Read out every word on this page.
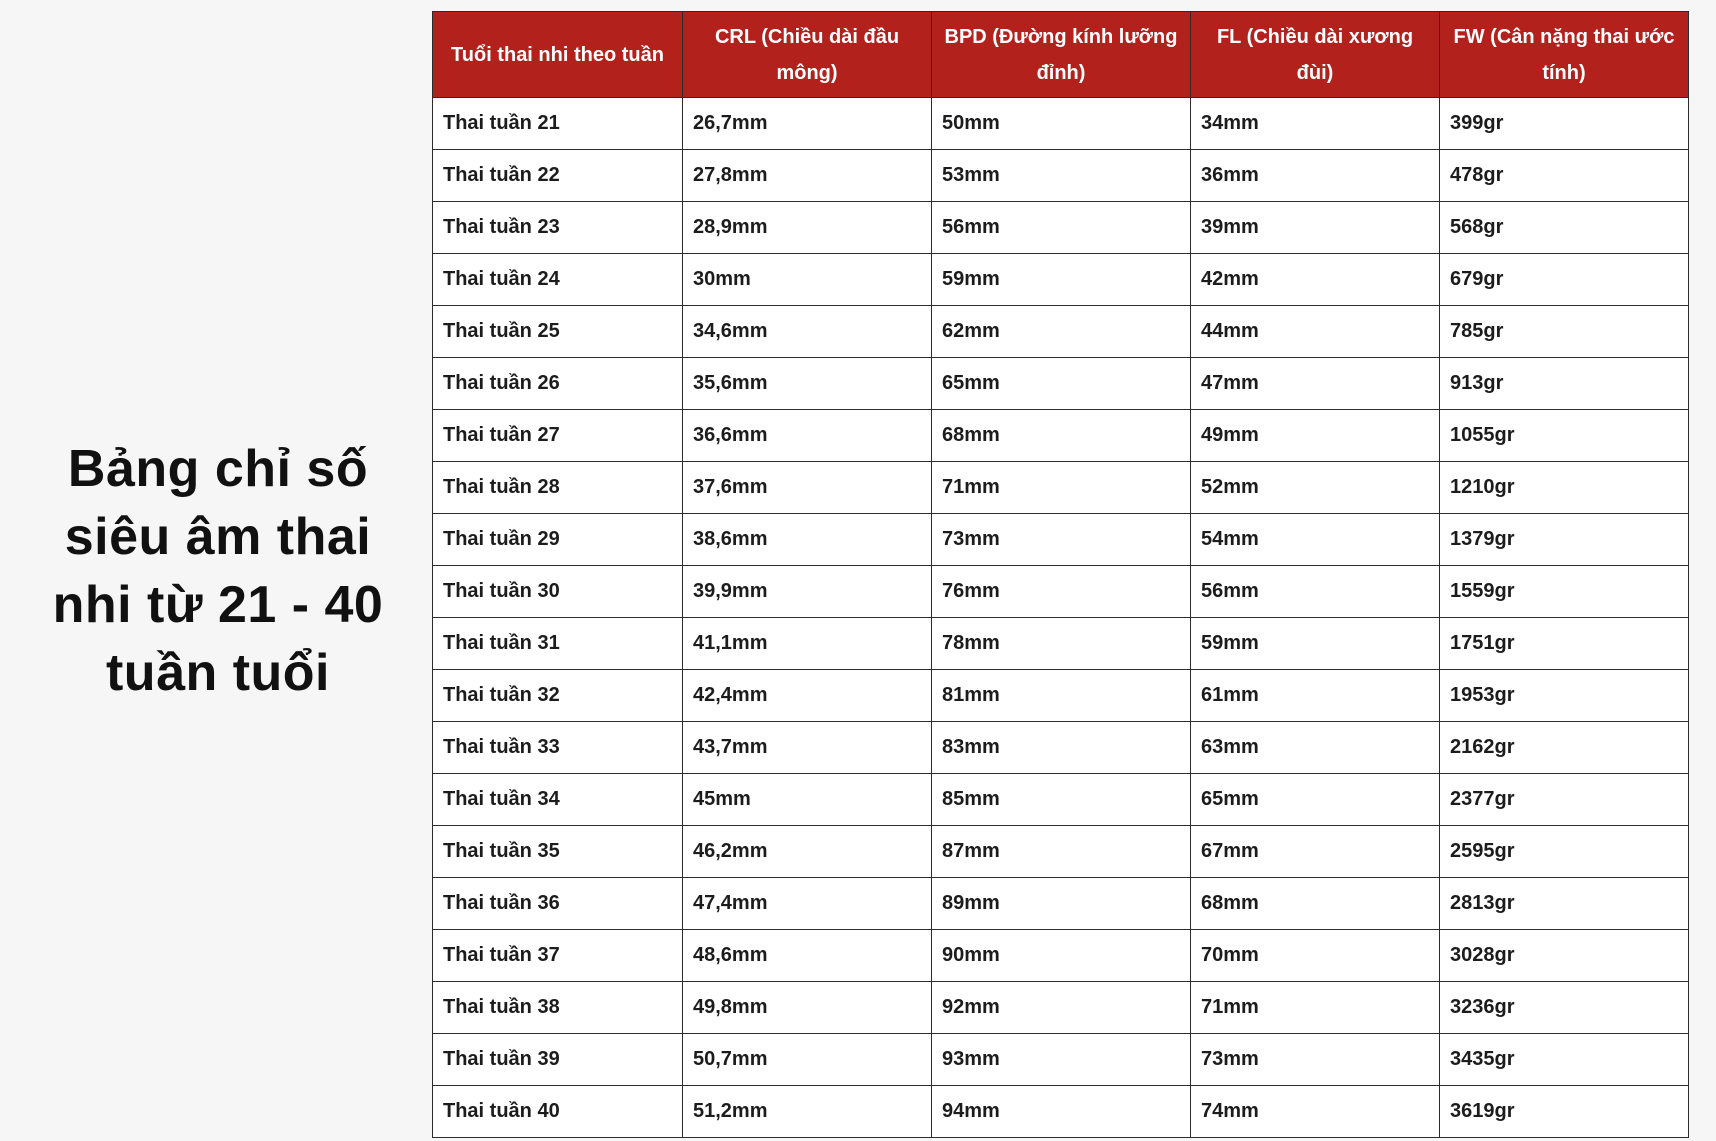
Bảng chỉ số
siêu âm thai
nhi từ 21 - 40
tuần tuổi
Tuổi thai nhi theo tuần	CRL (Chiều dài đầu mông)	BPD (Đường kính lưỡng đỉnh)	FL (Chiều dài xương đùi)	FW (Cân nặng thai ước tính)
Thai tuần 21	26,7mm	50mm	34mm	399gr
Thai tuần 22	27,8mm	53mm	36mm	478gr
Thai tuần 23	28,9mm	56mm	39mm	568gr
Thai tuần 24	30mm	59mm	42mm	679gr
Thai tuần 25	34,6mm	62mm	44mm	785gr
Thai tuần 26	35,6mm	65mm	47mm	913gr
Thai tuần 27	36,6mm	68mm	49mm	1055gr
Thai tuần 28	37,6mm	71mm	52mm	1210gr
Thai tuần 29	38,6mm	73mm	54mm	1379gr
Thai tuần 30	39,9mm	76mm	56mm	1559gr
Thai tuần 31	41,1mm	78mm	59mm	1751gr
Thai tuần 32	42,4mm	81mm	61mm	1953gr
Thai tuần 33	43,7mm	83mm	63mm	2162gr
Thai tuần 34	45mm	85mm	65mm	2377gr
Thai tuần 35	46,2mm	87mm	67mm	2595gr
Thai tuần 36	47,4mm	89mm	68mm	2813gr
Thai tuần 37	48,6mm	90mm	70mm	3028gr
Thai tuần 38	49,8mm	92mm	71mm	3236gr
Thai tuần 39	50,7mm	93mm	73mm	3435gr
Thai tuần 40	51,2mm	94mm	74mm	3619gr
